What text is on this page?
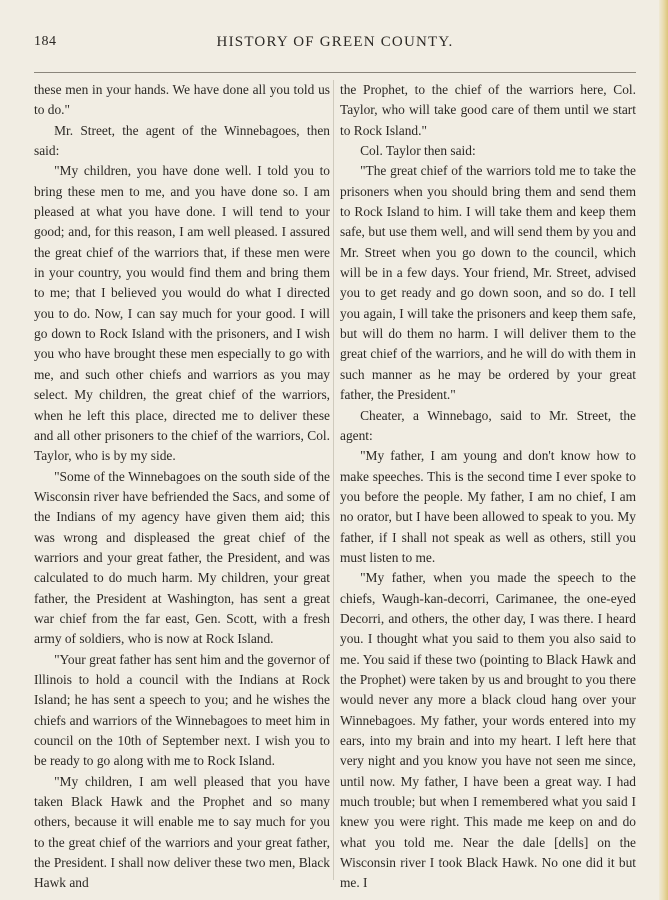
184	HISTORY OF GREEN COUNTY.

these men in your hands. We have done all you told us to do."

Mr. Street, the agent of the Winnebagoes, then said:

"My children, you have done well. I told you to bring these men to me, and you have done so. I am pleased at what you have done. I will tend to your good; and, for this reason, I am well pleased. I assured the great chief of the warriors that, if these men were in your country, you would find them and bring them to me; that I believed you would do what I directed you to do. Now, I can say much for your good. I will go down to Rock Island with the prisoners, and I wish you who have brought these men especially to go with me, and such other chiefs and warriors as you may select. My children, the great chief of the warriors, when he left this place, directed me to deliver these and all other prisoners to the chief of the warriors, Col. Taylor, who is by my side.

"Some of the Winnebagoes on the south side of the Wisconsin river have befriended the Sacs, and some of the Indians of my agency have given them aid; this was wrong and displeased the great chief of the warriors and your great father, the President, and was calculated to do much harm. My children, your great father, the President at Washington, has sent a great war chief from the far east, Gen. Scott, with a fresh army of soldiers, who is now at Rock Island.

"Your great father has sent him and the governor of Illinois to hold a council with the Indians at Rock Island; he has sent a speech to you; and he wishes the chiefs and warriors of the Winnebagoes to meet him in council on the 10th of September next. I wish you to be ready to go along with me to Rock Island.

"My children, I am well pleased that you have taken Black Hawk and the Prophet and so many others, because it will enable me to say much for you to the great chief of the warriors and your great father, the President. I shall now deliver these two men, Black Hawk and

the Prophet, to the chief of the warriors here, Col. Taylor, who will take good care of them until we start to Rock Island."

Col. Taylor then said:

"The great chief of the warriors told me to take the prisoners when you should bring them and send them to Rock Island to him. I will take them and keep them safe, but use them well, and will send them by you and Mr. Street when you go down to the council, which will be in a few days. Your friend, Mr. Street, advised you to get ready and go down soon, and so do. I tell you again, I will take the prisoners and keep them safe, but will do them no harm. I will deliver them to the great chief of the warriors, and he will do with them in such manner as he may be ordered by your great father, the President."

Cheater, a Winnebago, said to Mr. Street, the agent:

"My father, I am young and don't know how to make speeches. This is the second time I ever spoke to you before the people. My father, I am no chief, I am no orator, but I have been allowed to speak to you. My father, if I shall not speak as well as others, still you must listen to me.

"My father, when you made the speech to the chiefs, Waugh-kan-decorri, Carimanee, the one-eyed Decorri, and others, the other day, I was there. I heard you. I thought what you said to them you also said to me. You said if these two (pointing to Black Hawk and the Prophet) were taken by us and brought to you there would never any more a black cloud hang over your Winnebagoes. My father, your words entered into my ears, into my brain and into my heart. I left here that very night and you know you have not seen me since, until now. My father, I have been a great way. I had much trouble; but when I remembered what you said I knew you were right. This made me keep on and do what you told me. Near the dale [dells] on the Wisconsin river I took Black Hawk. No one did it but me. I
